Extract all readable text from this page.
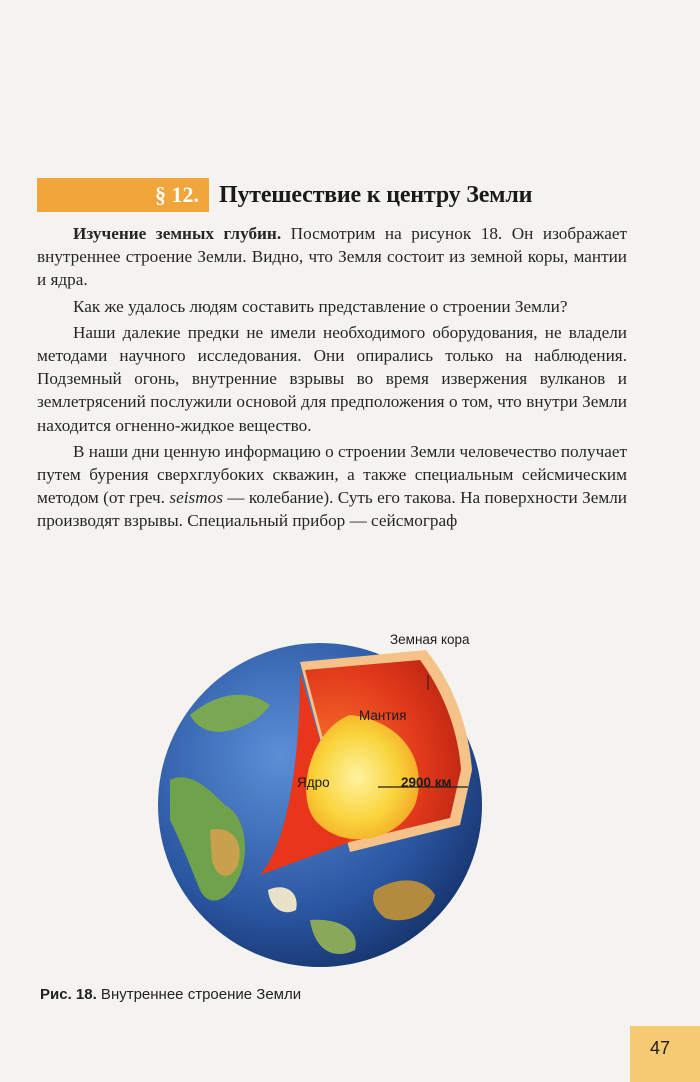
§ 12. Путешествие к центру Земли

Изучение земных глубин. Посмотрим на рисунок 18. Он изображает внутреннее строение Земли. Видно, что Земля состоит из земной коры, мантии и ядра.

Как же удалось людям составить представление о строении Земли?

Наши далекие предки не имели необходимого оборудования, не владели методами научного исследования. Они опирались только на наблюдения. Подземный огонь, внутренние взрывы во время извержения вулканов и землетрясений послужили основой для предположения о том, что внутри Земли находится огненно-жидкое вещество.

В наши дни ценную информацию о строении Земли человечество получает путем бурения сверхглубоких скважин, а также специальным сейсмическим методом (от греч. seismos — колебание). Суть его такова. На поверхности Земли производят взрывы. Специальный прибор — сейсмограф

Земная кора
Мантия
Ядро	2900 км
Рис. 18. Внутреннее строение Земли
47
